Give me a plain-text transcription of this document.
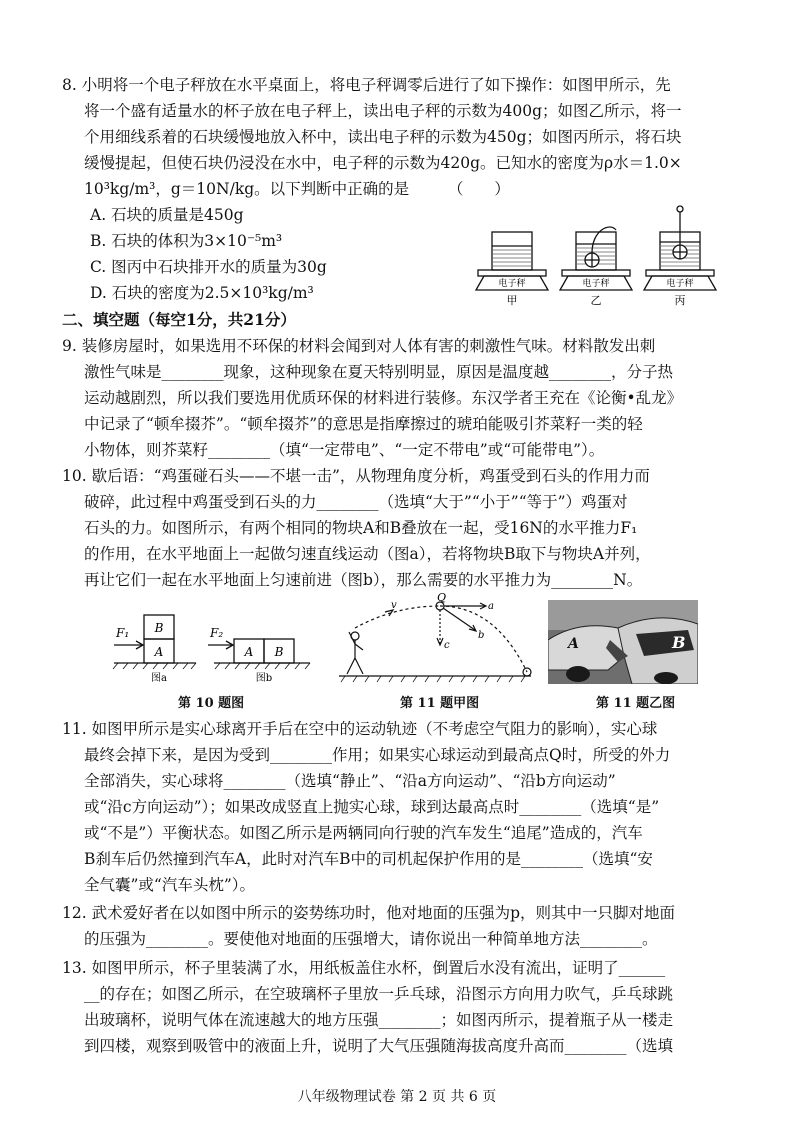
8. 小明将一个电子秤放在水平桌面上，将电子秤调零后进行了如下操作：如图甲所示，先

将一个盛有适量水的杯子放在电子秤上，读出电子秤的示数为400g；如图乙所示，将一

个用细线系着的石块缓慢地放入杯中，读出电子秤的示数为450g；如图丙所示，将石块

缓慢提起，但使石块仍浸没在水中，电子秤的示数为420g。已知水的密度为ρ水＝1.0×

10³kg/m³，g＝10N/kg。以下判断中正确的是　　　（　　）

A. 石块的质量是450g

B. 石块的体积为3×10⁻⁵m³

C. 图丙中石块排开水的质量为30g

D. 石块的密度为2.5×10³kg/m³	电子秤	电子秤	电子秤
甲	乙	丙

二、填空题（每空1分，共21分）

9. 装修房屋时，如果选用不环保的材料会闻到对人体有害的刺激性气味。材料散发出刺

激性气味是________现象，这种现象在夏天特别明显，原因是温度越________，分子热

运动越剧烈，所以我们要选用优质环保的材料进行装修。东汉学者王充在《论衡•乱龙》

中记录了“顿牟掇芥”。“顿牟掇芥”的意思是指摩擦过的琥珀能吸引芥菜籽一类的轻

小物体，则芥菜籽________（填“一定带电”、“一定不带电”或“可能带电”）。

10. 歇后语：“鸡蛋碰石头——不堪一击”，从物理角度分析，鸡蛋受到石头的作用力而

破碎，此过程中鸡蛋受到石头的力________（选填“大于”“小于”“等于”）鸡蛋对

石头的力。如图所示，有两个相同的物块A和B叠放在一起，受16N的水平推力F₁

的作用，在水平地面上一起做匀速直线运动（图a），若将物块B取下与物块A并列，

再让它们一起在水平地面上匀速前进（图b），那么需要的水平推力为________N。

F₁	F₂
B
A	A B
图a	图b
Q
v	a
b
c	A	B
第 10 题图	第 11 题甲图	第 11 题乙图

11. 如图甲所示是实心球离开手后在空中的运动轨迹（不考虑空气阻力的影响），实心球

最终会掉下来，是因为受到________作用；如果实心球运动到最高点Q时，所受的外力

全部消失，实心球将________（选填“静止”、“沿a方向运动”、“沿b方向运动”

或“沿c方向运动”）；如果改成竖直上抛实心球，球到达最高点时________（选填“是”

或“不是”）平衡状态。如图乙所示是两辆同向行驶的汽车发生“追尾”造成的，汽车

B刹车后仍然撞到汽车A，此时对汽车B中的司机起保护作用的是________（选填“安

全气囊”或“汽车头枕”）。

12. 武术爱好者在以如图中所示的姿势练功时，他对地面的压强为p，则其中一只脚对地面

的压强为________。要使他对地面的压强增大，请你说出一种简单地方法________。

13. 如图甲所示，杯子里装满了水，用纸板盖住水杯，倒置后水没有流出，证明了______

__的存在；如图乙所示，在空玻璃杯子里放一乒乓球，沿图示方向用力吹气，乒乓球跳

出玻璃杯，说明气体在流速越大的地方压强________；如图丙所示，提着瓶子从一楼走

到四楼，观察到吸管中的液面上升，说明了大气压强随海拔高度升高而________（选填

八年级物理试卷 第 2 页 共 6 页
